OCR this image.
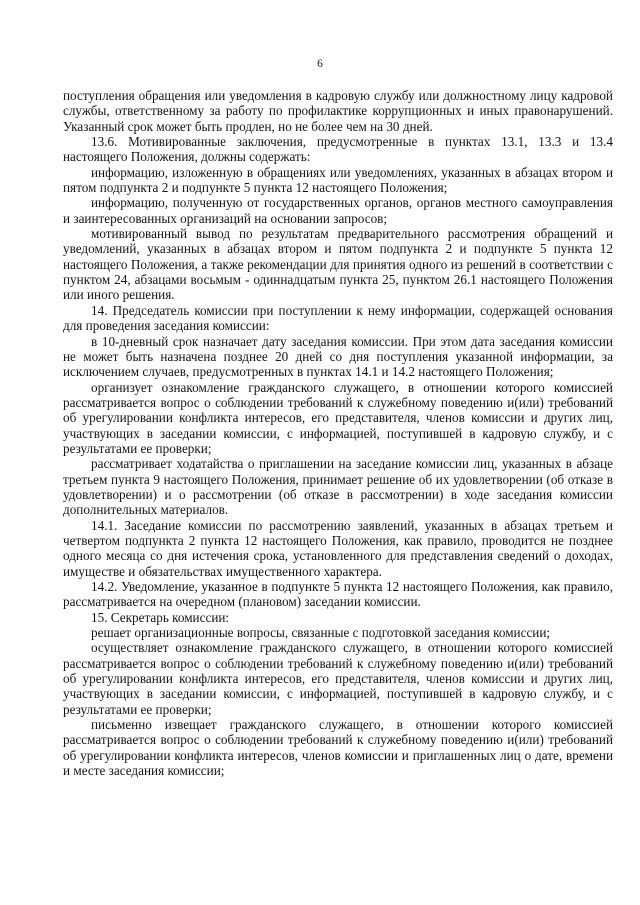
6

поступления обращения или уведомления в кадровую службу или должностному лицу кадровой службы, ответственному за работу по профилактике коррупционных и иных правонарушений. Указанный срок может быть продлен, но не более чем на 30 дней.

13.6. Мотивированные заключения, предусмотренные в пунктах 13.1, 13.3 и 13.4 настоящего Положения, должны содержать:

информацию, изложенную в обращениях или уведомлениях, указанных в абзацах втором и пятом подпункта 2 и подпункте 5 пункта 12 настоящего Положения;

информацию, полученную от государственных органов, органов местного самоуправления и заинтересованных организаций на основании запросов;

мотивированный вывод по результатам предварительного рассмотрения обращений и уведомлений, указанных в абзацах втором и пятом подпункта 2 и подпункте 5 пункта 12 настоящего Положения, а также рекомендации для принятия одного из решений в соответствии с пунктом 24, абзацами восьмым - одиннадцатым пункта 25, пунктом 26.1 настоящего Положения или иного решения.

14. Председатель комиссии при поступлении к нему информации, содержащей основания для проведения заседания комиссии:

в 10-дневный срок назначает дату заседания комиссии. При этом дата заседания комиссии не может быть назначена позднее 20 дней со дня поступления указанной информации, за исключением случаев, предусмотренных в пунктах 14.1 и 14.2 настоящего Положения;

организует ознакомление гражданского служащего, в отношении которого комиссией рассматривается вопрос о соблюдении требований к служебному поведению и(или) требований об урегулировании конфликта интересов, его представителя, членов комиссии и других лиц, участвующих в заседании комиссии, с информацией, поступившей в кадровую службу, и с результатами ее проверки;

рассматривает ходатайства о приглашении на заседание комиссии лиц, указанных в абзаце третьем пункта 9 настоящего Положения, принимает решение об их удовлетворении (об отказе в удовлетворении) и о рассмотрении (об отказе в рассмотрении) в ходе заседания комиссии дополнительных материалов.

14.1. Заседание комиссии по рассмотрению заявлений, указанных в абзацах третьем и четвертом подпункта 2 пункта 12 настоящего Положения, как правило, проводится не позднее одного месяца со дня истечения срока, установленного для представления сведений о доходах, имуществе и обязательствах имущественного характера.

14.2. Уведомление, указанное в подпункте 5 пункта 12 настоящего Положения, как правило, рассматривается на очередном (плановом) заседании комиссии.

15. Секретарь комиссии:

решает организационные вопросы, связанные с подготовкой заседания комиссии;

осуществляет ознакомление гражданского служащего, в отношении которого комиссией рассматривается вопрос о соблюдении требований к служебному поведению и(или) требований об урегулировании конфликта интересов, его представителя, членов комиссии и других лиц, участвующих в заседании комиссии, с информацией, поступившей в кадровую службу, и с результатами ее проверки;

письменно извещает гражданского служащего, в отношении которого комиссией рассматривается вопрос о соблюдении требований к служебному поведению и(или) требований об урегулировании конфликта интересов, членов комиссии и приглашенных лиц о дате, времени и месте заседания комиссии;
